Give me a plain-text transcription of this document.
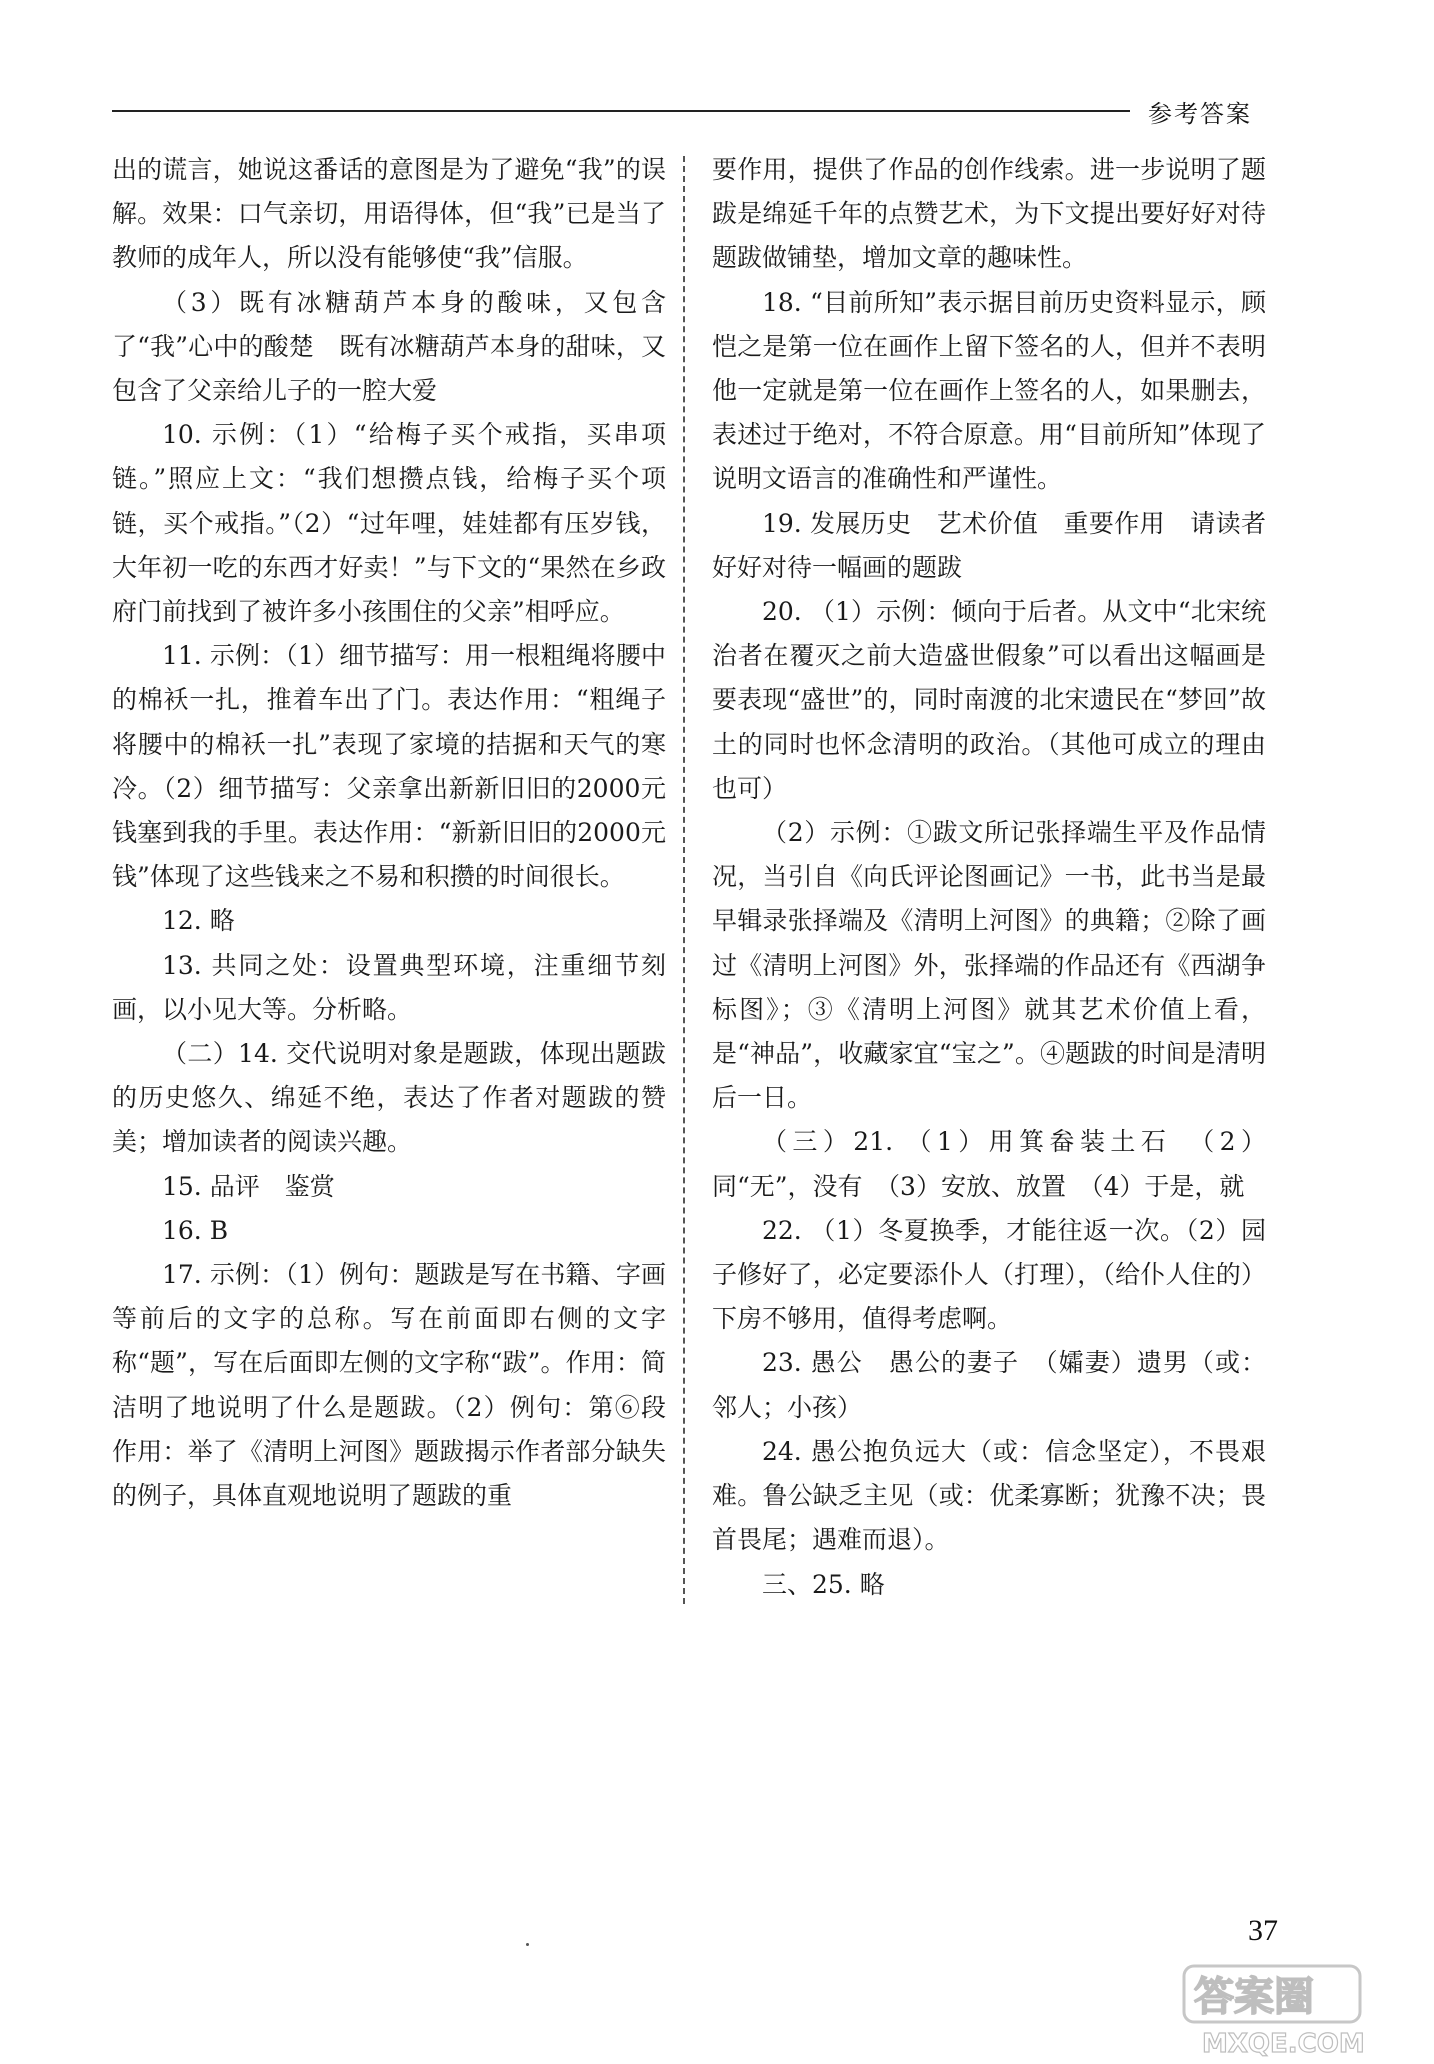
参考答案

出的谎言，她说这番话的意图是为了避免“我”的误解。效果：口气亲切，用语得体，但“我”已是当了教师的成年人，所以没有能够使“我”信服。

（3）既有冰糖葫芦本身的酸味，又包含了“我”心中的酸楚　既有冰糖葫芦本身的甜味，又包含了父亲给儿子的一腔大爱

10. 示例：（1）“给梅子买个戒指，买串项链。”照应上文：“我们想攒点钱，给梅子买个项链，买个戒指。”（2）“过年哩，娃娃都有压岁钱，大年初一吃的东西才好卖！”与下文的“果然在乡政府门前找到了被许多小孩围住的父亲”相呼应。

11. 示例：（1）细节描写：用一根粗绳将腰中的棉袄一扎，推着车出了门。表达作用：“粗绳子将腰中的棉袄一扎”表现了家境的拮据和天气的寒冷。（2）细节描写：父亲拿出新新旧旧的2000元钱塞到我的手里。表达作用：“新新旧旧的2000元钱”体现了这些钱来之不易和积攒的时间很长。

12. 略

13. 共同之处：设置典型环境，注重细节刻画，以小见大等。分析略。

（二）14. 交代说明对象是题跋，体现出题跋的历史悠久、绵延不绝，表达了作者对题跋的赞美；增加读者的阅读兴趣。

15. 品评　鉴赏

16. B

17. 示例：（1）例句：题跋是写在书籍、字画等前后的文字的总称。写在前面即右侧的文字称“题”，写在后面即左侧的文字称“跋”。作用：简洁明了地说明了什么是题跋。（2）例句：第⑥段　作用：举了《清明上河图》题跋揭示作者部分缺失的例子，具体直观地说明了题跋的重

要作用，提供了作品的创作线索。进一步说明了题跋是绵延千年的点赞艺术，为下文提出要好好对待题跋做铺垫，增加文章的趣味性。

18. “目前所知”表示据目前历史资料显示，顾恺之是第一位在画作上留下签名的人，但并不表明他一定就是第一位在画作上签名的人，如果删去，表述过于绝对，不符合原意。用“目前所知”体现了说明文语言的准确性和严谨性。

19. 发展历史　艺术价值　重要作用　请读者好好对待一幅画的题跋

20. （1）示例：倾向于后者。从文中“北宋统治者在覆灭之前大造盛世假象”可以看出这幅画是要表现“盛世”的，同时南渡的北宋遗民在“梦回”故土的同时也怀念清明的政治。（其他可成立的理由也可）

（2）示例：①跋文所记张择端生平及作品情况，当引自《向氏评论图画记》一书，此书当是最早辑录张择端及《清明上河图》的典籍；②除了画过《清明上河图》外，张择端的作品还有《西湖争标图》；③《清明上河图》就其艺术价值上看，是“神品”，收藏家宜“宝之”。④题跋的时间是清明后一日。

（三）21. （1）用箕畚装土石　（2）同“无”，没有　（3）安放、放置　（4）于是，就

22. （1）冬夏换季，才能往返一次。（2）园子修好了，必定要添仆人（打理），（给仆人住的）下房不够用，值得考虑啊。

23. 愚公　愚公的妻子　（孀妻）遗男（或：邻人；小孩）

24. 愚公抱负远大（或：信念坚定），不畏艰难。鲁公缺乏主见（或：优柔寡断；犹豫不决；畏首畏尾；遇难而退）。

三、25. 略

37
答案圈
MXQE.COM
